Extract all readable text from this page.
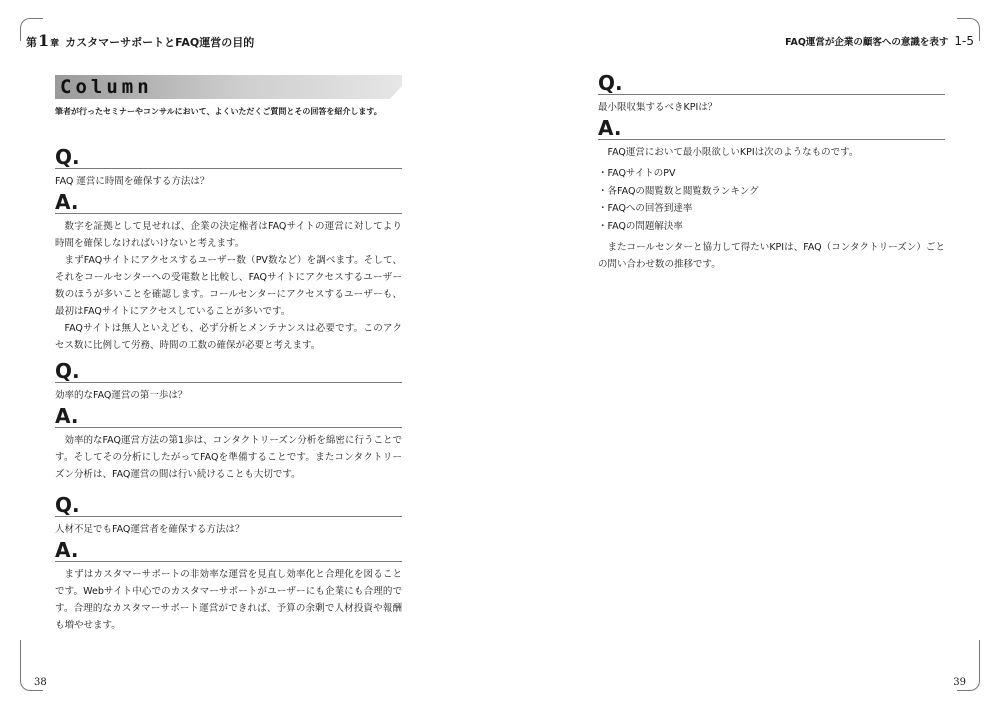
第1章 カスタマーサポートとFAQ運営の目的	FAQ運営が企業の顧客への意識を表す 1-5
Column
筆者が行ったセミナーやコンサルにおいて、よくいただくご質問とその回答を紹介します。
Q.
FAQ 運営に時間を確保する方法は？
A.

数字を証拠として見せれば、企業の決定権者はFAQサイトの運営に対してより時間を確保しなければいけないと考えます。

まずFAQサイトにアクセスするユーザー数（PV数など）を調べます。そして、それをコールセンターへの受電数と比較し、FAQサイトにアクセスするユーザー数のほうが多いことを確認します。コールセンターにアクセスするユーザーも、最初はFAQサイトにアクセスしていることが多いです。

FAQサイトは無人といえども、必ず分析とメンテナンスは必要です。このアクセス数に比例して労務、時間の工数の確保が必要と考えます。

Q.
効率的なFAQ運営の第一歩は？
A.

効率的なFAQ運営方法の第1歩は、コンタクトリーズン分析を綿密に行うことです。そしてその分析にしたがってFAQを準備することです。またコンタクトリーズン分析は、FAQ運営の間は行い続けることも大切です。

Q.
人材不足でもFAQ運営者を確保する方法は？
A.

まずはカスタマーサポートの非効率な運営を見直し効率化と合理化を図ることです。Webサイト中心でのカスタマーサポートがユーザーにも企業にも合理的です。合理的なカスタマーサポート運営ができれば、予算の余剰で人材投資や報酬も増やせます。

Q.
最小限収集するべきKPIは？
A.

FAQ運営において最小限欲しいKPIは次のようなものです。

・ FAQサイトのPV
・ 各FAQの閲覧数と閲覧数ランキング
・ FAQへの回答到達率
・ FAQの問題解決率

またコールセンターと協力して得たいKPIは、FAQ（コンタクトリーズン）ごとの問い合わせ数の推移です。

38	39
